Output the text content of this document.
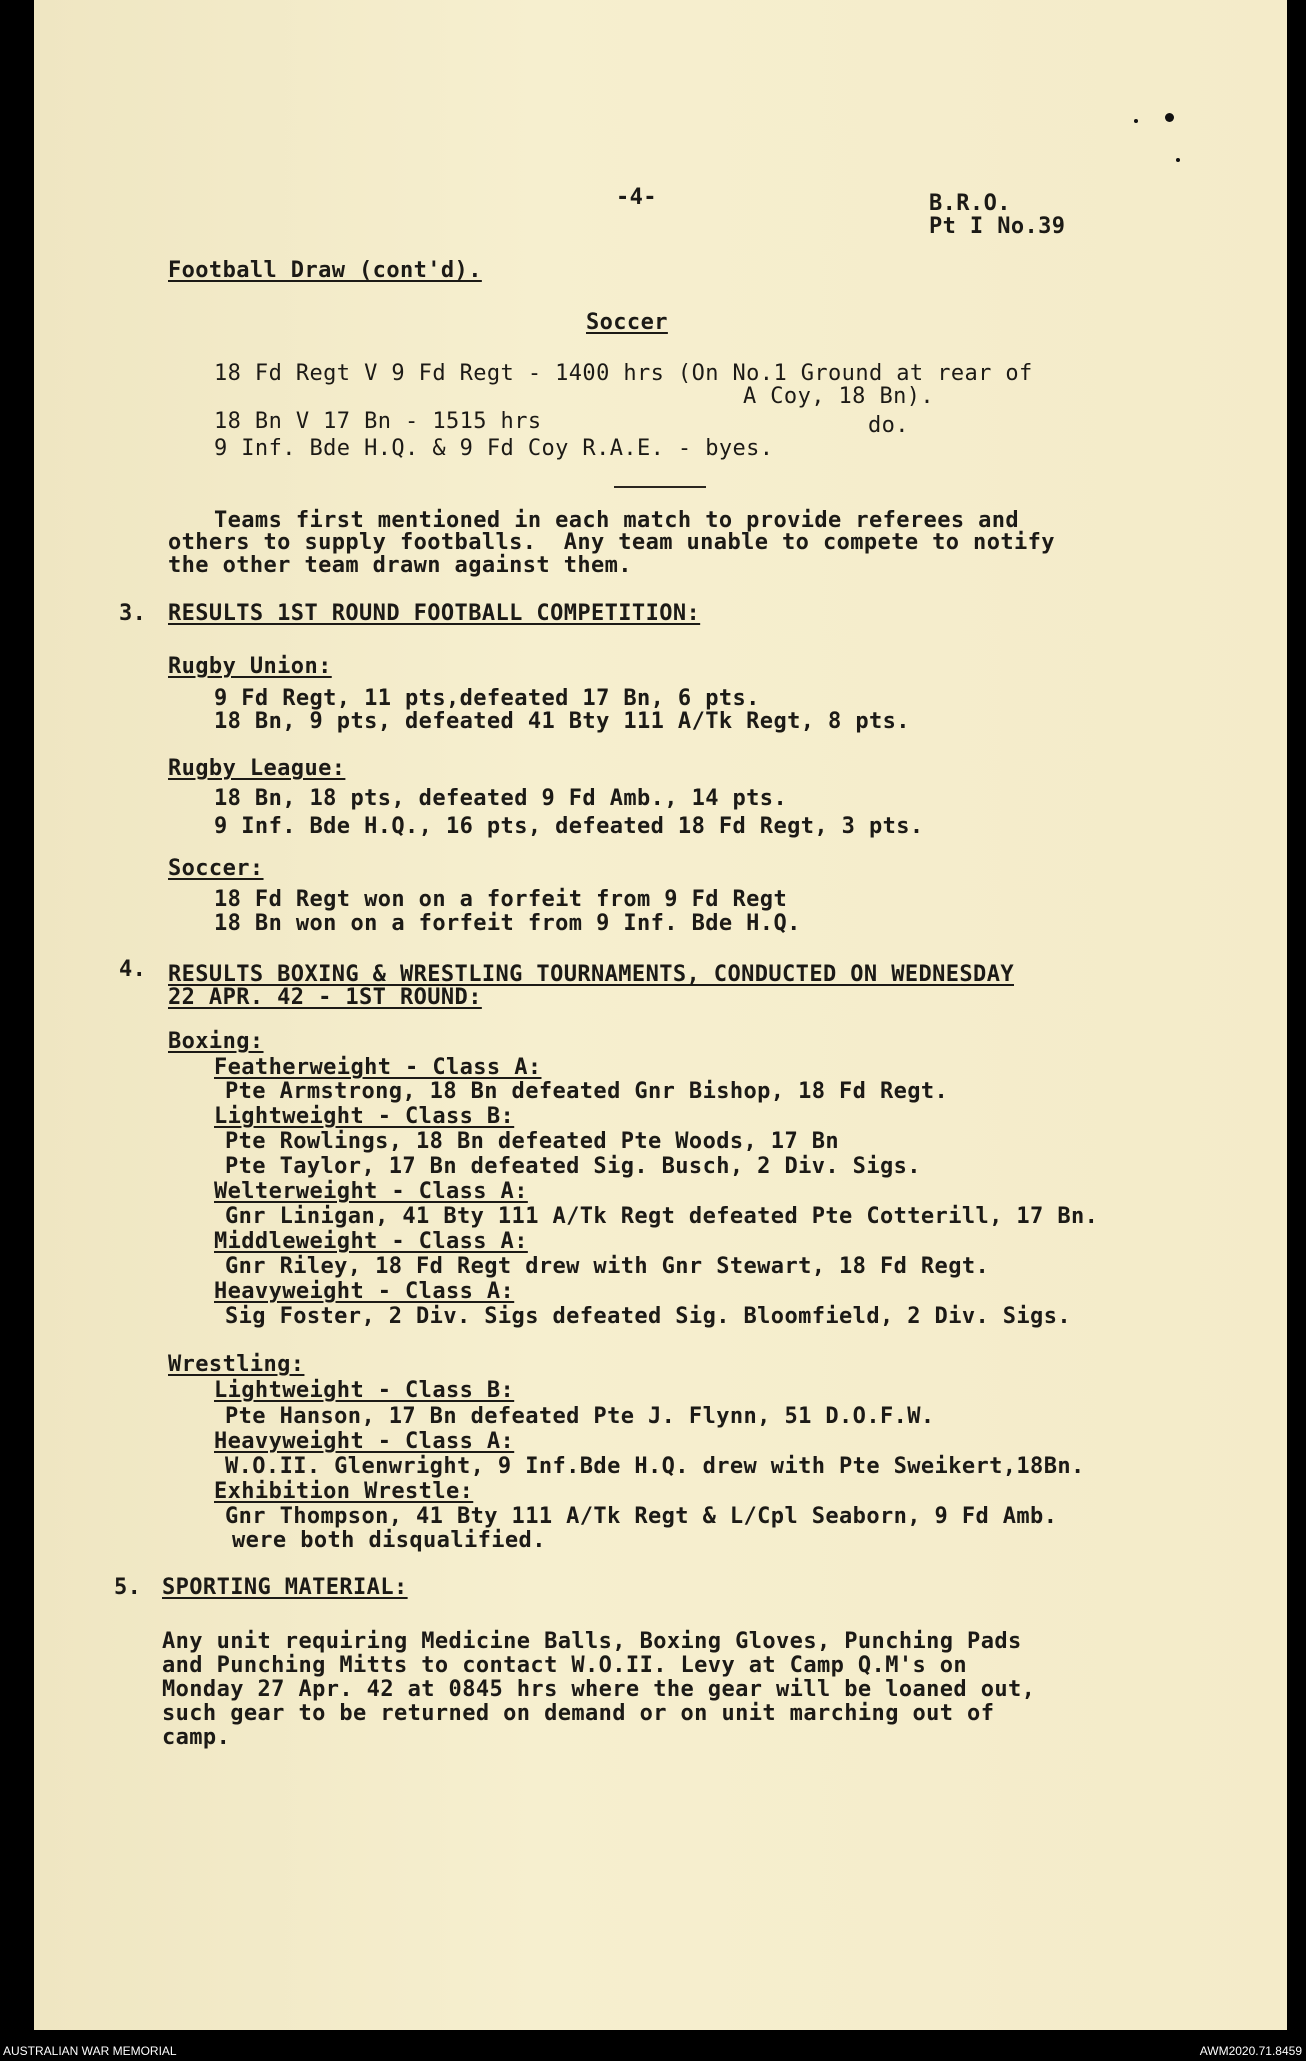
-4-	B.R.O.
Pt I No.39
Football Draw (cont'd).
Soccer
18 Fd Regt V 9 Fd Regt - 1400 hrs (On No.1 Ground at rear of
A Coy, 18 Bn).
18 Bn V 17 Bn - 1515 hrs	do.
9 Inf. Bde H.Q. & 9 Fd Coy R.A.E. - byes.
Teams first mentioned in each match to provide referees and
others to supply footballs.  Any team unable to compete to notify
the other team drawn against them.
3. RESULTS 1ST ROUND FOOTBALL COMPETITION:
Rugby Union:
9 Fd Regt, 11 pts,defeated 17 Bn, 6 pts.
18 Bn, 9 pts, defeated 41 Bty 111 A/Tk Regt, 8 pts.
Rugby League:
18 Bn, 18 pts, defeated 9 Fd Amb., 14 pts.
9 Inf. Bde H.Q., 16 pts, defeated 18 Fd Regt, 3 pts.
Soccer:
18 Fd Regt won on a forfeit from 9 Fd Regt
18 Bn won on a forfeit from 9 Inf. Bde H.Q.
4. RESULTS BOXING & WRESTLING TOURNAMENTS, CONDUCTED ON WEDNESDAY
22 APR. 42 - 1ST ROUND:
Boxing:
Featherweight - Class A:
Pte Armstrong, 18 Bn defeated Gnr Bishop, 18 Fd Regt.
Lightweight - Class B:
Pte Rowlings, 18 Bn defeated Pte Woods, 17 Bn
Pte Taylor, 17 Bn defeated Sig. Busch, 2 Div. Sigs.
Welterweight - Class A:
Gnr Linigan, 41 Bty 111 A/Tk Regt defeated Pte Cotterill, 17 Bn.
Middleweight - Class A:
Gnr Riley, 18 Fd Regt drew with Gnr Stewart, 18 Fd Regt.
Heavyweight - Class A:
Sig Foster, 2 Div. Sigs defeated Sig. Bloomfield, 2 Div. Sigs.
Wrestling:
Lightweight - Class B:
Pte Hanson, 17 Bn defeated Pte J. Flynn, 51 D.O.F.W.
Heavyweight - Class A:
W.O.II. Glenwright, 9 Inf.Bde H.Q. drew with Pte Sweikert,18Bn.
Exhibition Wrestle:
Gnr Thompson, 41 Bty 111 A/Tk Regt & L/Cpl Seaborn, 9 Fd Amb.
were both disqualified.
5. SPORTING MATERIAL:
Any unit requiring Medicine Balls, Boxing Gloves, Punching Pads
and Punching Mitts to contact W.O.II. Levy at Camp Q.M's on
Monday 27 Apr. 42 at 0845 hrs where the gear will be loaned out,
such gear to be returned on demand or on unit marching out of
camp.
AUSTRALIAN WAR MEMORIAL	AWM2020.71.8459
